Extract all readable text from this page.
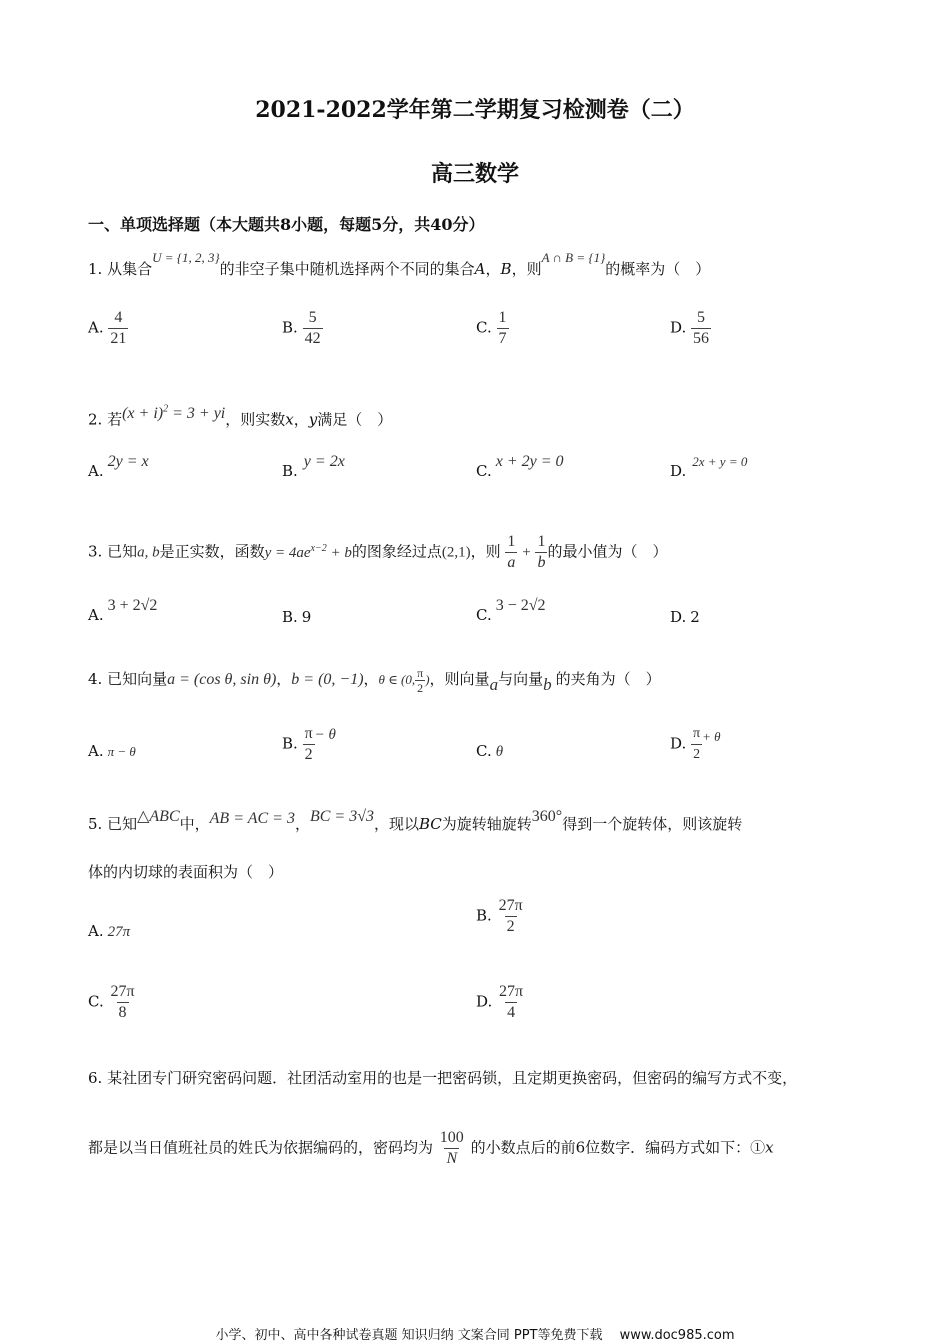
2021-2022学年第二学期复习检测卷（二）
高三数学
一、单项选择题（本大题共8小题，每题5分，共40分）
1. 从集合U = {1, 2, 3}的非空子集中随机选择两个不同的集合A，B，则A ∩ B = {1}的概率为（　）
A. $\frac{4}{21}$	B. $\frac{5}{42}$	C. $\frac{1}{7}$	D. $\frac{5}{56}$
2. 若$(x + i)^2 = 3$ + yi，则实数x，y满足（　）
A.2y = x
B.y = 2x
C.x + 2y = 0
D.2x + y = 0
3. 已知a, b是正实数，函数$y = 4ae^{x-2} + b$的图象经过点(2,1)，则 $\frac{1}{a} + \frac{1}{b}$ 的最小值为（　）
A.3 + 2√2
B. 9	C.3 − 2√2
D. 2
4. 已知向量a = (cos θ, sin θ)，b = (0, −1)，θ ∈ (0, $\frac{\pi}{2}$ )，则向量a与向量b 的夹角为（　）
A. π − θ	B. $\frac{\pi}{2} - \theta$
C. θ	D. $\frac{\pi}{2} + \theta$
5. 已知△ABC中，AB = AC = 3，BC = 3√3，现以BC为旋转轴旋转360°得到一个旋转体，则该旋转
体的内切球的表面积为（　）
A. 27π
B. $\frac{27\pi}{2}$
C. $\frac{27\pi}{8}$	D. $\frac{27\pi}{4}$
6. 某社团专门研究密码问题．社团活动室用的也是一把密码锁，且定期更换密码，但密码的编写方式不变，
都是以当日值班社员的姓氏为依据编码的，密码均为 $\frac{100}{N}$ 的小数点后的前6位数字．编码方式如下：①x
小学、初中、高中各种试卷真题 知识归纳 文案合同 PPT等免费下载　 www.doc985.com
